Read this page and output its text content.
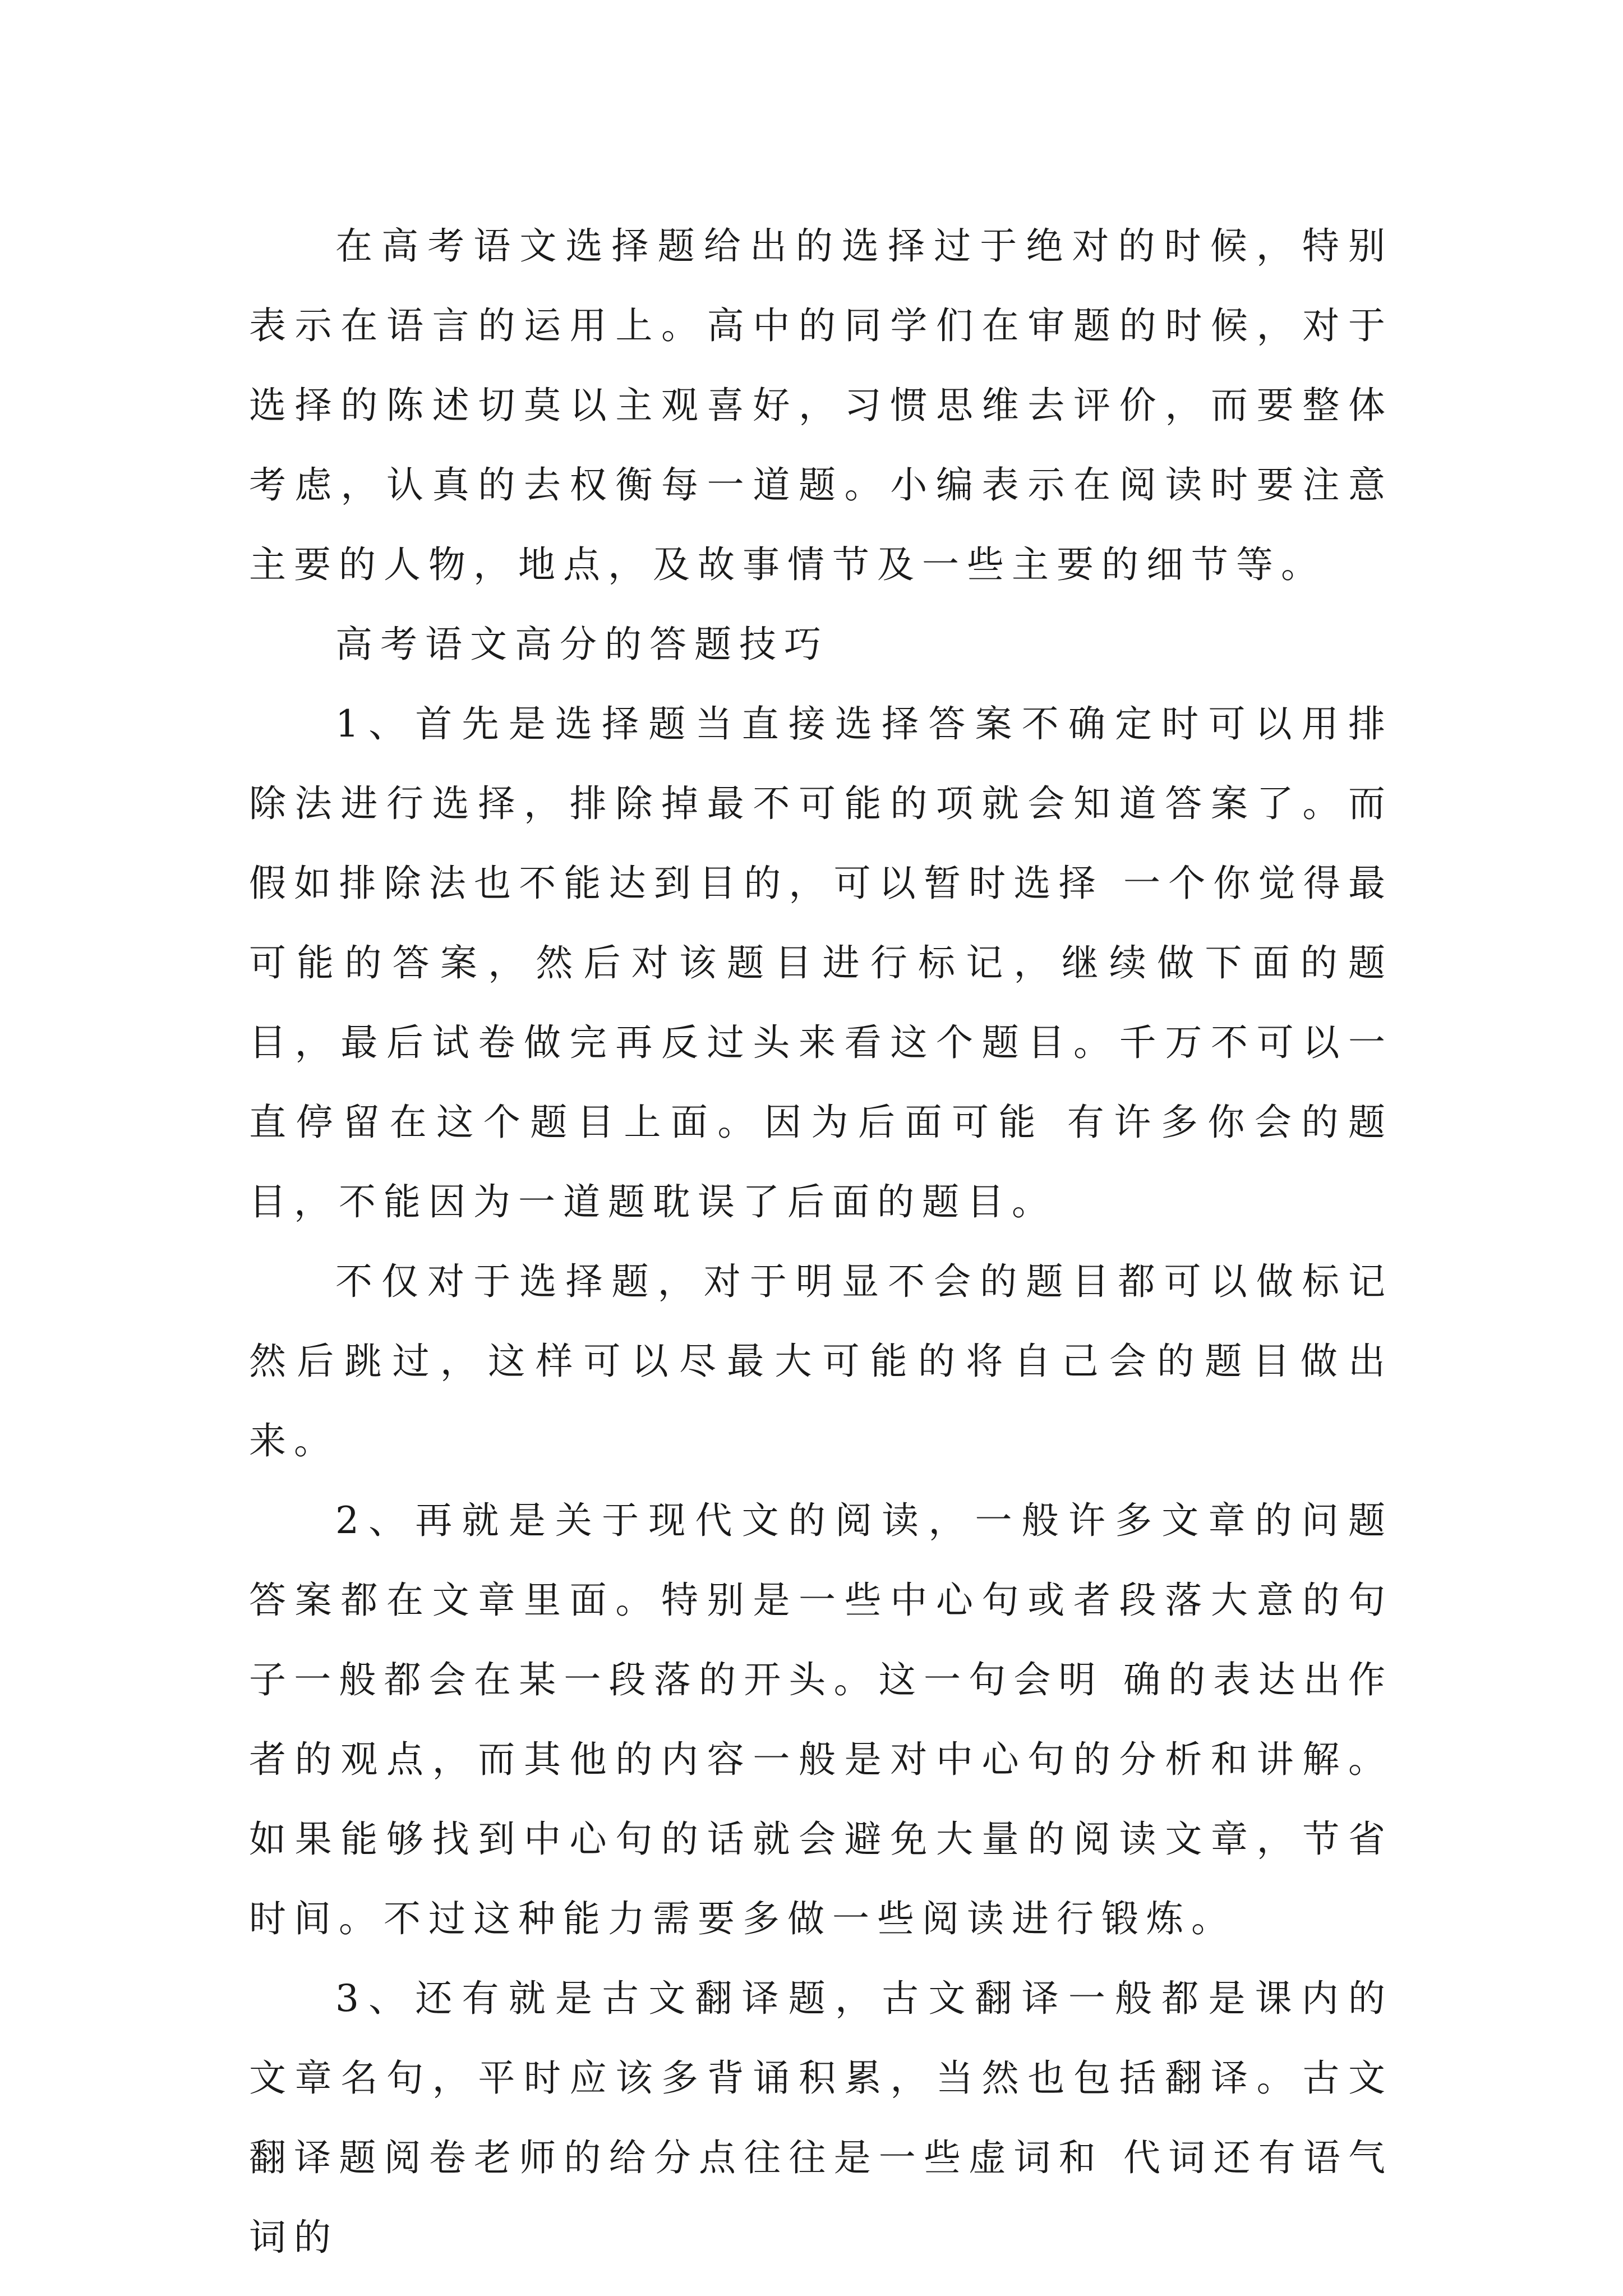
在高考语文选择题给出的选择过于绝对的时候，特别表示在语言的运用上。高中的同学们在审题的时候，对于选择的陈述切莫以主观喜好，习惯思维去评价，而要整体考虑，认真的去权衡每一道题。小编表示在阅读时要注意主要的人物，地点，及故事情节及一些主要的细节等。

高考语文高分的答题技巧

1、首先是选择题当直接选择答案不确定时可以用排除法进行选择，排除掉最不可能的项就会知道答案了。而假如排除法也不能达到目的，可以暂时选择 一个你觉得最可能的答案，然后对该题目进行标记，继续做下面的题目，最后试卷做完再反过头来看这个题目。千万不可以一直停留在这个题目上面。因为后面可能 有许多你会的题目，不能因为一道题耽误了后面的题目。

不仅对于选择题，对于明显不会的题目都可以做标记然后跳过，这样可以尽最大可能的将自己会的题目做出来。

2、再就是关于现代文的阅读，一般许多文章的问题答案都在文章里面。特别是一些中心句或者段落大意的句子一般都会在某一段落的开头。这一句会明 确的表达出作者的观点，而其他的内容一般是对中心句的分析和讲解。如果能够找到中心句的话就会避免大量的阅读文章，节省时间。不过这种能力需要多做一些阅读进行锻炼。

3、还有就是古文翻译题，古文翻译一般都是课内的文章名句，平时应该多背诵积累，当然也包括翻译。古文翻译题阅卷老师的给分点往往是一些虚词和 代词还有语气词的
